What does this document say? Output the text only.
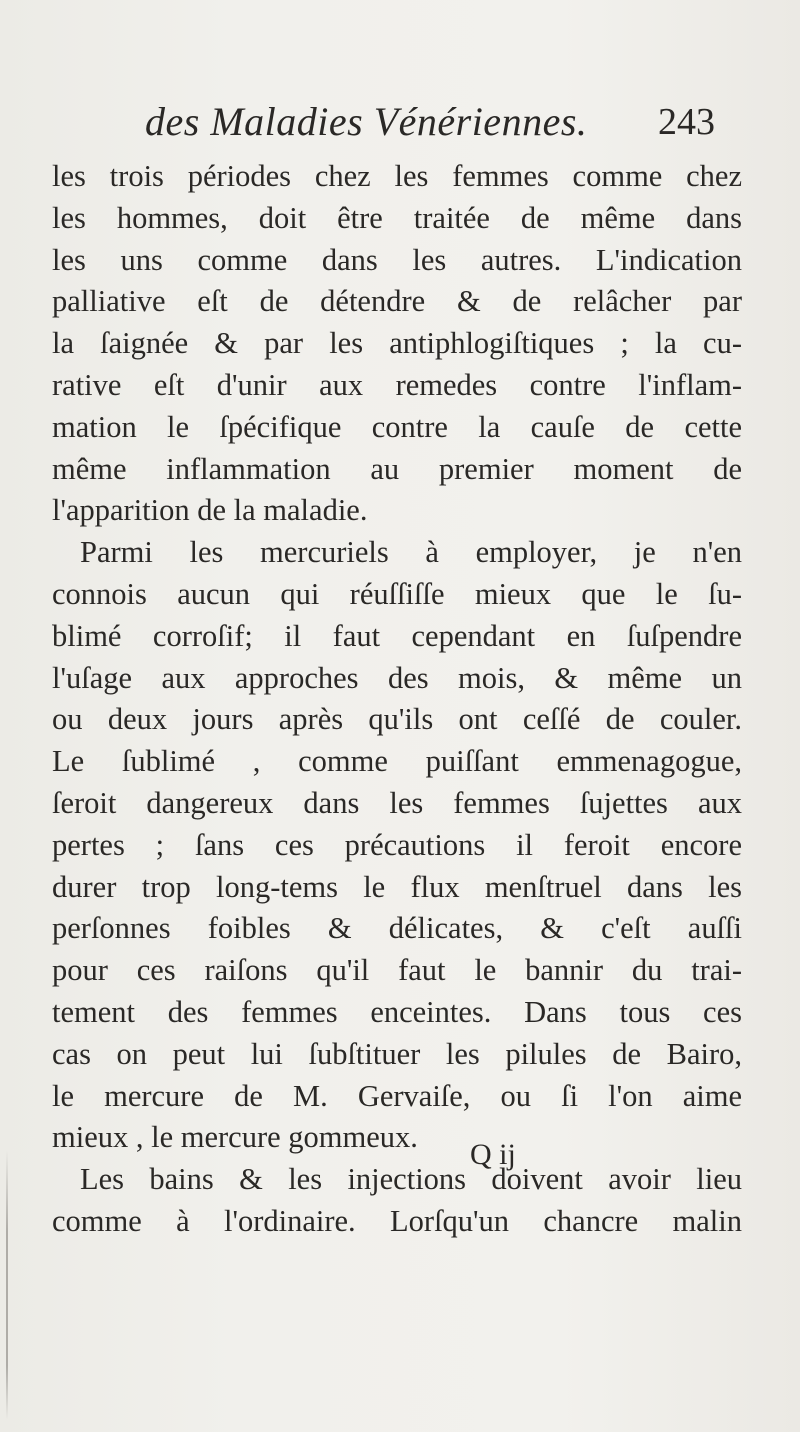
des Maladies Vénériennes. 243
les trois périodes chez les femmes comme chez
les hommes, doit être traitée de même dans
les uns comme dans les autres. L'indication
palliative eſt de détendre & de relâcher par
la ſaignée & par les antiphlogiſtiques ; la cu-
rative eſt d'unir aux remedes contre l'inflam-
mation le ſpécifique contre la cauſe de cette
même inflammation au premier moment de
l'apparition de la maladie.
Parmi les mercuriels à employer, je n'en
connois aucun qui réuſſiſſe mieux que le ſu-
blimé corroſif; il faut cependant en ſuſpendre
l'uſage aux approches des mois, & même un
ou deux jours après qu'ils ont ceſſé de couler.
Le ſublimé , comme puiſſant emmenagogue,
ſeroit dangereux dans les femmes ſujettes aux
pertes ; ſans ces précautions il feroit encore
durer trop long-tems le flux menſtruel dans les
perſonnes foibles & délicates, & c'eſt auſſi
pour ces raiſons qu'il faut le bannir du trai-
tement des femmes enceintes. Dans tous ces
cas on peut lui ſubſtituer les pilules de Bairo,
le mercure de M. Gervaiſe, ou ſi l'on aime
mieux , le mercure gommeux.
Les bains & les injections doivent avoir lieu
comme à l'ordinaire. Lorſqu'un chancre malin
Q ij
